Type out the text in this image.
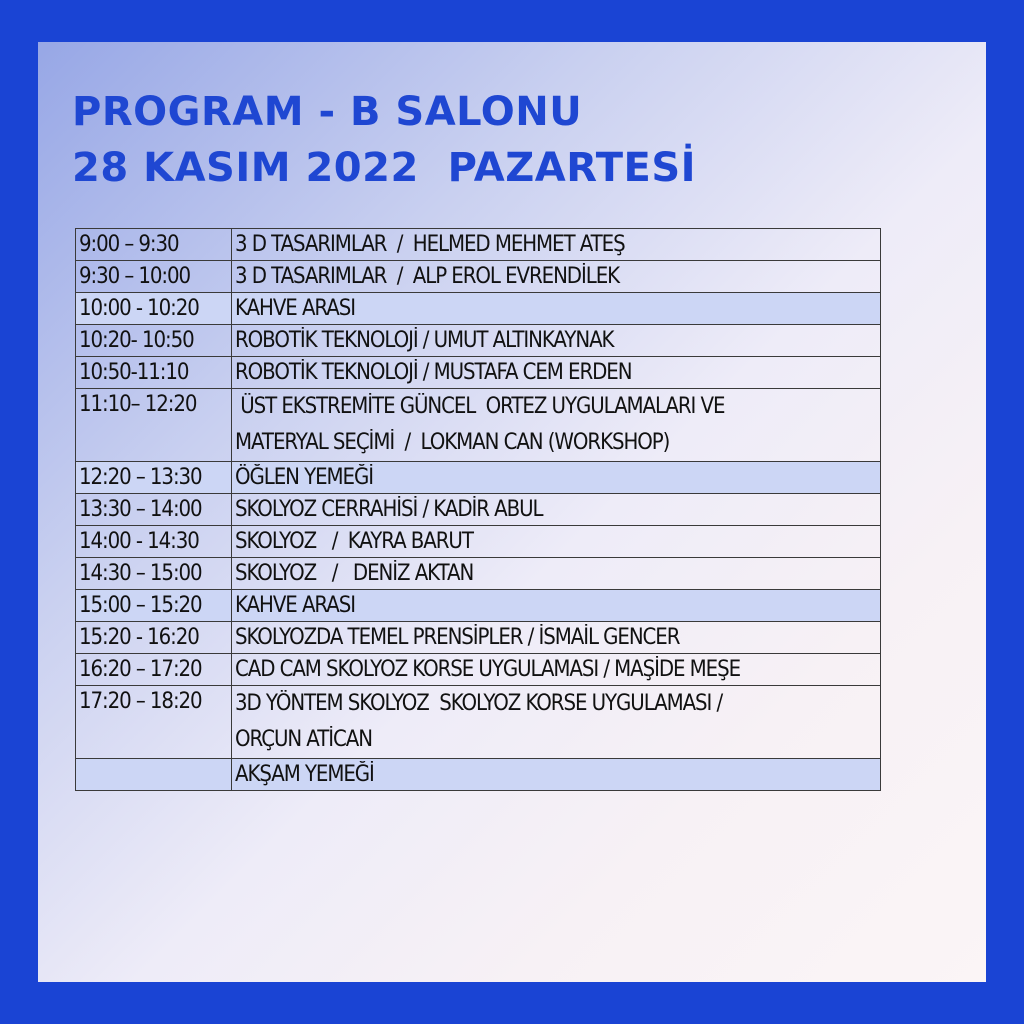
PROGRAM - B SALONU
28 KASIM 2022  PAZARTESİ
9:00 – 9:30	3 D TASARIMLAR  /  HELMED MEHMET ATEŞ
9:30 – 10:00	3 D TASARIMLAR  /  ALP EROL EVRENDİLEK
10:00 - 10:20	KAHVE ARASI
10:20- 10:50	ROBOTİK TEKNOLOJİ / UMUT ALTINKAYNAK
10:50-11:10	ROBOTİK TEKNOLOJİ / MUSTAFA CEM ERDEN
11:10– 12:20	ÜST EKSTREMİTE GÜNCEL  ORTEZ UYGULAMALARI VE
MATERYAL SEÇİMİ  /  LOKMAN CAN (WORKSHOP)
12:20 – 13:30	ÖĞLEN YEMEĞİ
13:30 – 14:00	SKOLYOZ CERRAHİSİ / KADİR ABUL
14:00 - 14:30	SKOLYOZ   /  KAYRA BARUT
14:30 – 15:00	SKOLYOZ   /   DENİZ AKTAN
15:00 – 15:20	KAHVE ARASI
15:20 - 16:20	SKOLYOZDA TEMEL PRENSİPLER / İSMAİL GENCER
16:20 – 17:20	CAD CAM SKOLYOZ KORSE UYGULAMASI / MAŞİDE MEŞE
17:20 – 18:20	3D YÖNTEM SKOLYOZ  SKOLYOZ KORSE UYGULAMASI /
ORÇUN ATİCAN
	AKŞAM YEMEĞİ
